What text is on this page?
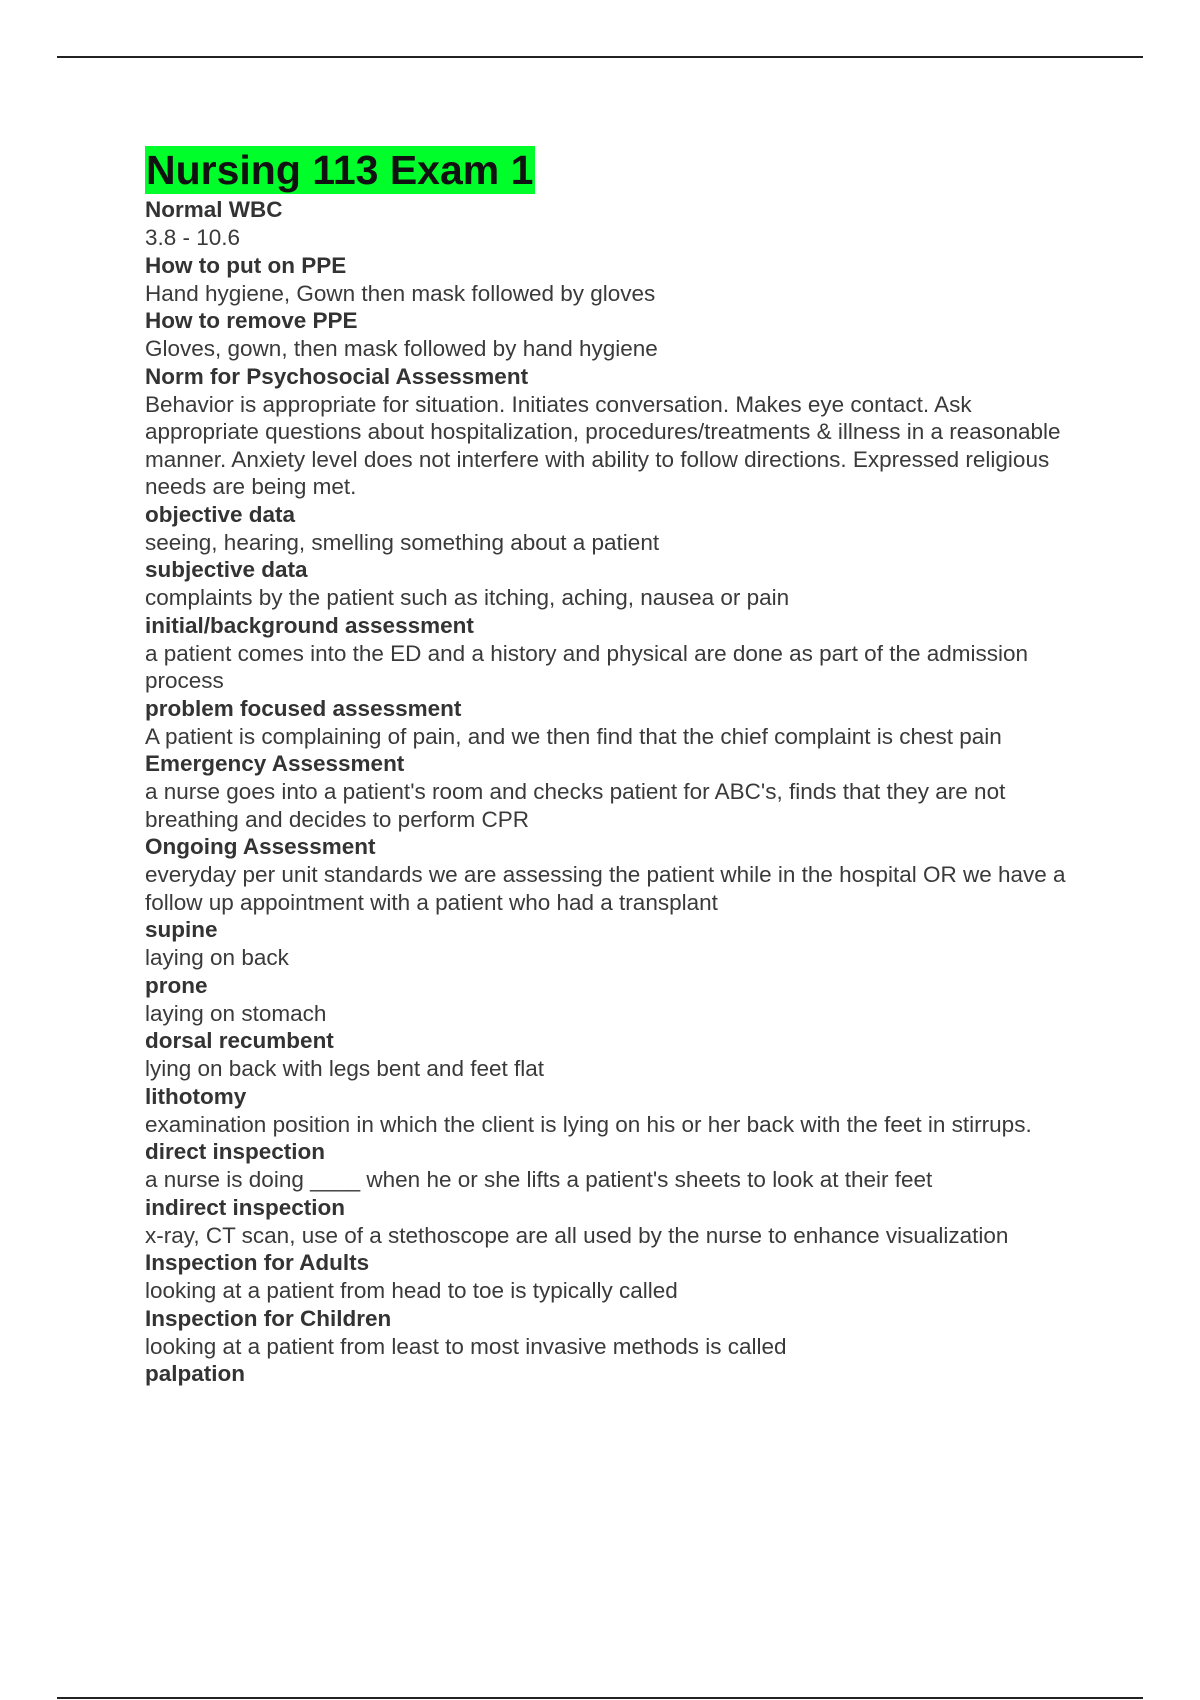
Nursing 113 Exam 1

Normal WBC

3.8 - 10.6

How to put on PPE

Hand hygiene, Gown then mask followed by gloves

How to remove PPE

Gloves, gown, then mask followed by hand hygiene

Norm for Psychosocial Assessment

Behavior is appropriate for situation. Initiates conversation. Makes eye contact. Ask appropriate questions about hospitalization, procedures/treatments & illness in a reasonable manner. Anxiety level does not interfere with ability to follow directions. Expressed religious needs are being met.

objective data

seeing, hearing, smelling something about a patient

subjective data

complaints by the patient such as itching, aching, nausea or pain

initial/background assessment

a patient comes into the ED and a history and physical are done as part of the admission process

problem focused assessment

A patient is complaining of pain, and we then find that the chief complaint is chest pain

Emergency Assessment

a nurse goes into a patient's room and checks patient for ABC's, finds that they are not breathing and decides to perform CPR

Ongoing Assessment

everyday per unit standards we are assessing the patient while in the hospital OR we have a follow up appointment with a patient who had a transplant

supine

laying on back

prone

laying on stomach

dorsal recumbent

lying on back with legs bent and feet flat

lithotomy

examination position in which the client is lying on his or her back with the feet in stirrups.

direct inspection

a nurse is doing ____ when he or she lifts a patient's sheets to look at their feet

indirect inspection

x-ray, CT scan, use of a stethoscope are all used by the nurse to enhance visualization

Inspection for Adults

looking at a patient from head to toe is typically called

Inspection for Children

looking at a patient from least to most invasive methods is called

palpation
